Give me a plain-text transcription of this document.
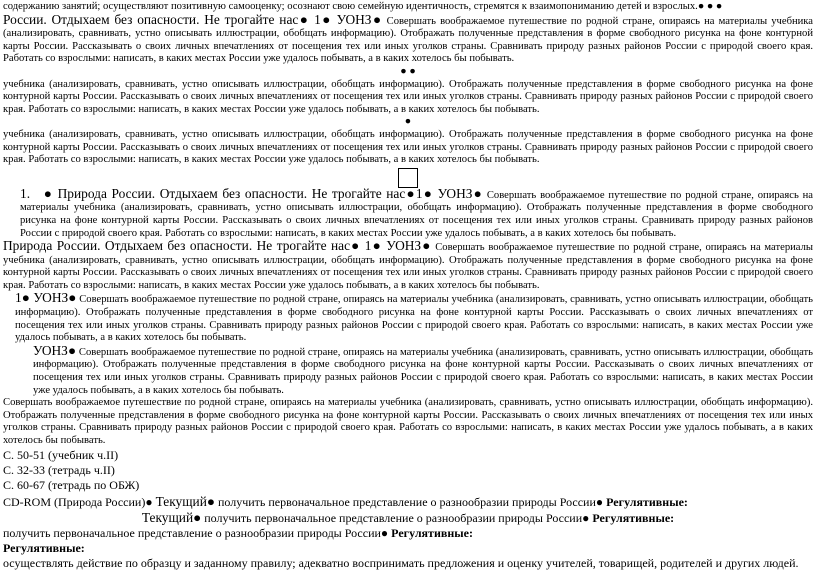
содержанию занятий; осуществляют позитивную самооценку; осознают свою семейную идентичность, стремятся к взаимопониманию детей и взрослых.● ● ●

России. Отдыхаем без опасности. Не трогайте нас● 1● УОНЗ● Совершать воображаемое путешествие по родной стране, опираясь на материалы учебника (анализировать, сравнивать, устно описывать иллюстрации, обобщать информацию). Отображать полученные представления в форме свободного рисунка на фоне контурной карты России. Рассказывать о своих личных впечатлениях от посещения тех или иных уголков страны. Сравнивать природу разных районов России с природой своего края. Работать со взрослыми: написать, в каких местах России уже удалось побывать, а в каких хотелось бы побывать.

● ●

учебника (анализировать, сравнивать, устно описывать иллюстрации, обобщать информацию). Отображать полученные представления в форме свободного рисунка на фоне контурной карты России. Рассказывать о своих личных впечатлениях от посещения тех или иных уголков страны. Сравнивать природу разных районов России с природой своего края. Работать со взрослыми: написать, в каких местах России уже удалось побывать, а в каких хотелось бы побывать.

●

учебника (анализировать, сравнивать, устно описывать иллюстрации, обобщать информацию). Отображать полученные представления в форме свободного рисунка на фоне контурной карты России. Рассказывать о своих личных впечатлениях от посещения тех или иных уголков страны. Сравнивать природу разных районов России с природой своего края. Работать со взрослыми: написать, в каких местах России уже удалось побывать, а в каких хотелось бы побывать.

1. ● Природа России. Отдыхаем без опасности. Не трогайте нас●1● УОНЗ● Совершать воображаемое путешествие по родной стране, опираясь на материалы учебника (анализировать, сравнивать, устно описывать иллюстрации, обобщать информацию). Отображать полученные представления в форме свободного рисунка на фоне контурной карты России. Рассказывать о своих личных впечатлениях от посещения тех или иных уголков страны. Сравнивать природу разных районов России с природой своего края. Работать со взрослыми: написать, в каких местах России уже удалось побывать, а в каких хотелось бы побывать.

Природа России. Отдыхаем без опасности. Не трогайте нас● 1● УОНЗ● Совершать воображаемое путешествие по родной стране, опираясь на материалы учебника (анализировать, сравнивать, устно описывать иллюстрации, обобщать информацию). Отображать полученные представления в форме свободного рисунка на фоне контурной карты России. Рассказывать о своих личных впечатлениях от посещения тех или иных уголков страны. Сравнивать природу разных районов России с природой своего края. Работать со взрослыми: написать, в каких местах России уже удалось побывать, а в каких хотелось бы побывать.

1● УОНЗ● Совершать воображаемое путешествие по родной стране, опираясь на материалы учебника (анализировать, сравнивать, устно описывать иллюстрации, обобщать информацию). Отображать полученные представления в форме свободного рисунка на фоне контурной карты России. Рассказывать о своих личных впечатлениях от посещения тех или иных уголков страны. Сравнивать природу разных районов России с природой своего края. Работать со взрослыми: написать, в каких местах России уже удалось побывать, а в каких хотелось бы побывать.

УОНЗ● Совершать воображаемое путешествие по родной стране, опираясь на материалы учебника (анализировать, сравнивать, устно описывать иллюстрации, обобщать информацию). Отображать полученные представления в форме свободного рисунка на фоне контурной карты России. Рассказывать о своих личных впечатлениях от посещения тех или иных уголков страны. Сравнивать природу разных районов России с природой своего края. Работать со взрослыми: написать, в каких местах России уже удалось побывать, а в каких хотелось бы побывать.

Совершать воображаемое путешествие по родной стране, опираясь на материалы учебника (анализировать, сравнивать, устно описывать иллюстрации, обобщать информацию). Отображать полученные представления в форме свободного рисунка на фоне контурной карты России. Рассказывать о своих личных впечатлениях от посещения тех или иных уголков страны. Сравнивать природу разных районов России с природой своего края. Работать со взрослыми: написать, в каких местах России уже удалось побывать, а в каких хотелось бы побывать.

С. 50-51 (учебник ч.II)

С. 32-33 (тетрадь ч.II)

С. 60-67 (тетрадь по ОБЖ)

CD-ROM (Природа России)● Текущий● получить первоначальное представление о разнообразии природы России● Регулятивные:

Текущий● получить первоначальное представление о разнообразии природы России● Регулятивные:

получить первоначальное представление о разнообразии природы России● Регулятивные:

Регулятивные:

осуществлять действие по образцу и заданному правилу; адекватно воспринимать предложения и оценку учителей, товарищей, родителей и других людей.
